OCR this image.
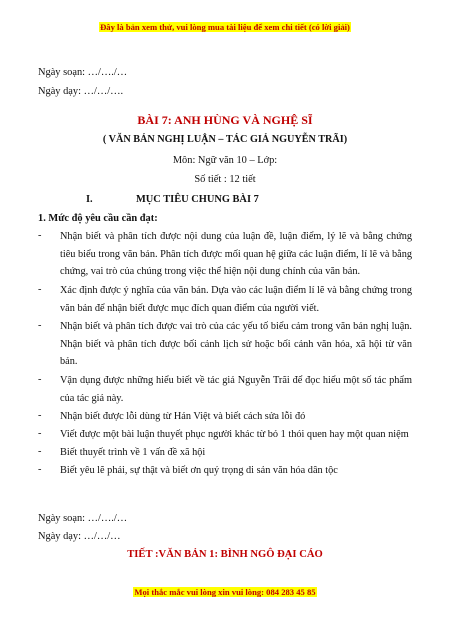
Đây là bản xem thử, vui lòng mua tài liệu để xem chi tiết (có lời giải)
Ngày soạn: …/…./…
Ngày dạy: …/…/….
BÀI 7: ANH HÙNG VÀ NGHỆ SĨ
( VĂN BẢN NGHỊ LUẬN – TÁC GIẢ NGUYỄN TRÃI)
Môn: Ngữ văn 10 – Lớp:
Số tiết : 12 tiết
I.	MỤC TIÊU CHUNG BÀI 7
1. Mức độ yêu cầu cần đạt:
- Nhận biết và phân tích được nội dung của luận đề, luận điểm, lý lẽ và bằng chứng tiêu biểu trong văn bản. Phân tích được mối quan hệ giữa các luận điểm, lí lẽ và bằng chứng, vai trò của chúng trong việc thể hiện nội dung chính của văn bản.
- Xác định được ý nghĩa của văn bản. Dựa vào các luận điểm lí lẽ và bằng chứng trong văn bản để nhận biết được mục đích quan điểm của người viết.
- Nhận biết và phân tích được vai trò của các yếu tố biểu cảm trong văn bản nghị luận. Nhận biết và phân tích được bối cảnh lịch sử hoặc bối cảnh văn hóa, xã hội từ văn bản.
- Vận dụng được những hiểu biết về tác giả Nguyễn Trãi để đọc hiểu một số tác phẩm của tác giả này.
- Nhận biết được lỗi dùng từ Hán Việt và biết cách sửa lỗi đó
- Viết được một bài luận thuyết phục người khác từ bỏ 1 thói quen hay một quan niệm
- Biết thuyết trình về 1 vấn đề xã hội
- Biết yêu lẽ phải, sự thật và biết ơn quý trọng di sản văn hóa dân tộc
Ngày soạn: …/…./…
Ngày dạy: …/…/…
TIẾT :VĂN BẢN 1: BÌNH NGÔ ĐẠI CÁO
Mọi thắc mắc vui lòng xin vui lòng: 084 283 45 85
